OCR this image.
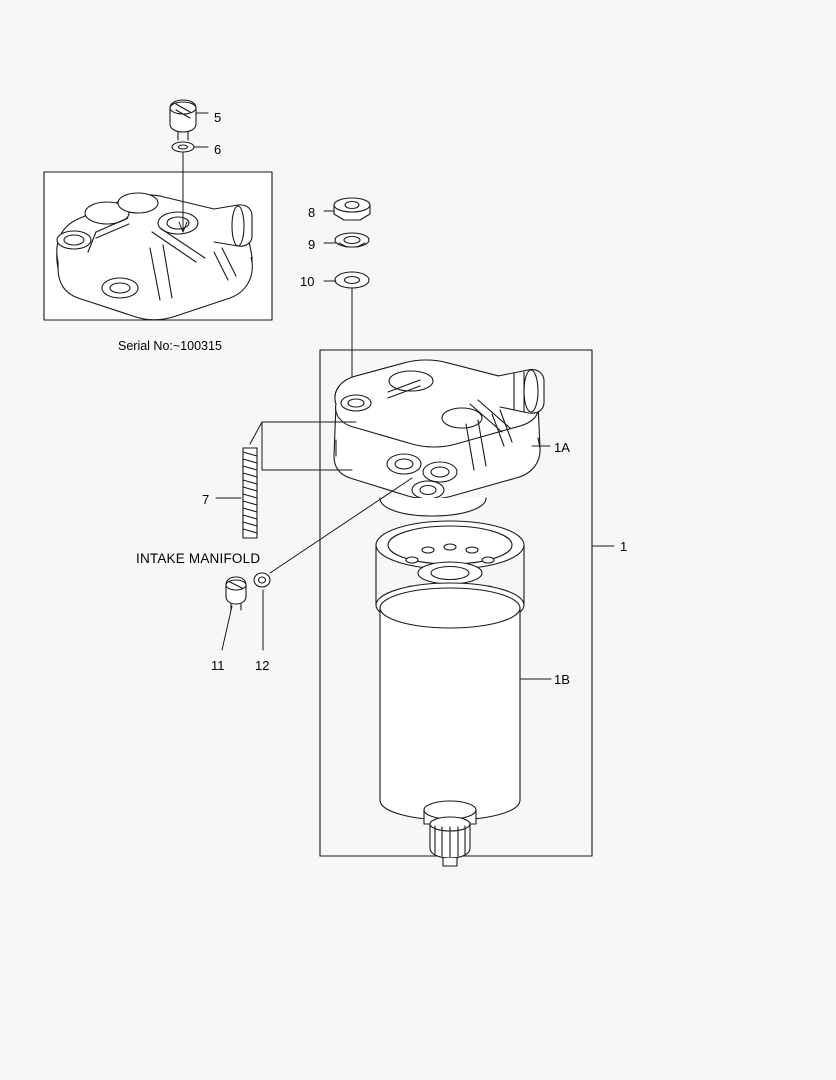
5
6
8
9
10
7
11 12
1
1A
1B
Serial No:~100315
INTAKE MANIFOLD
